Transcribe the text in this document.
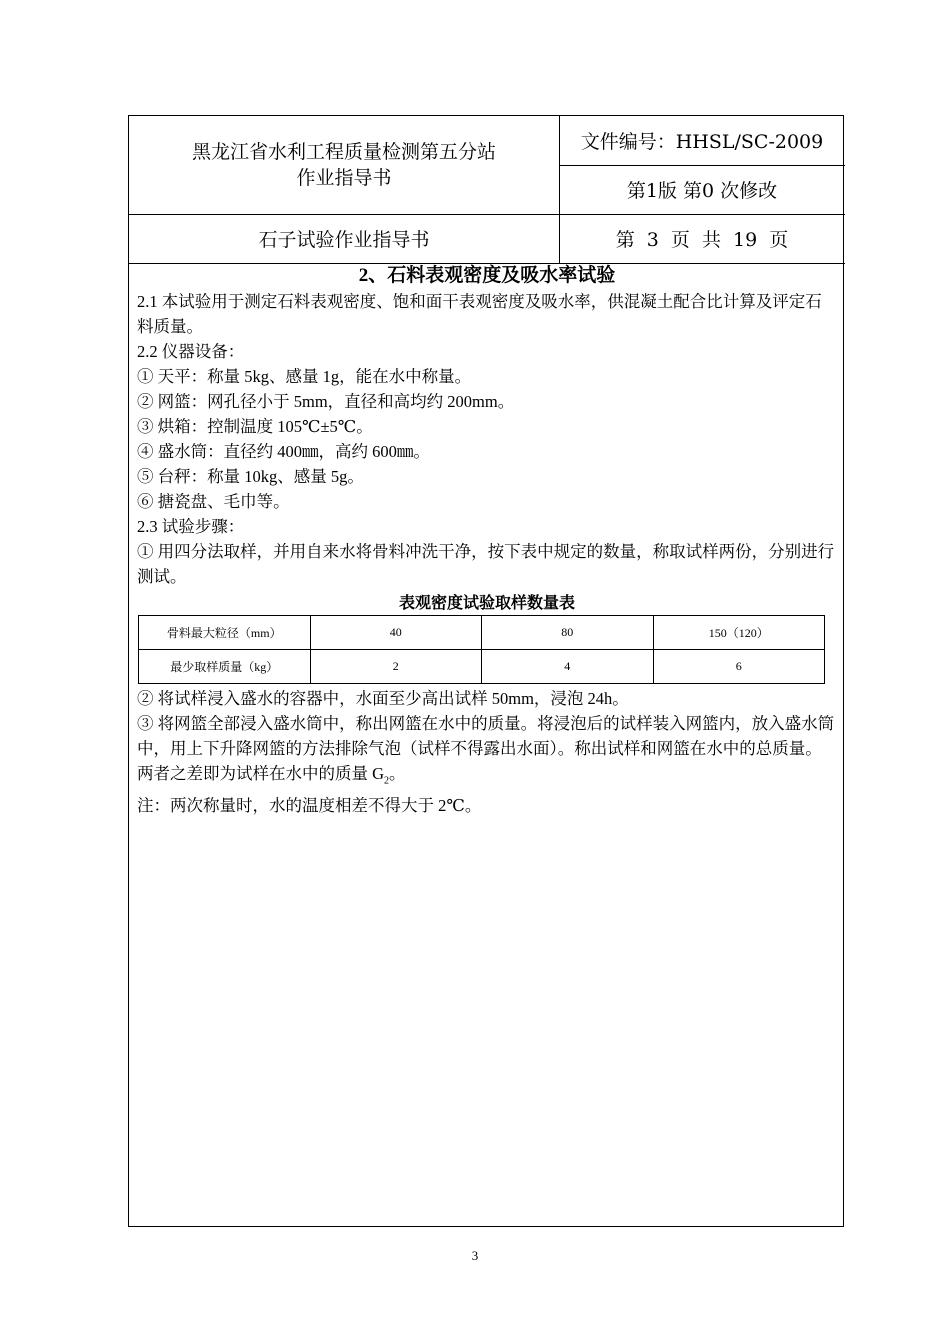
黑龙江省水利工程质量检测第五分站
作业指导书
文件编号：HHSL/SC-2009
第1版 第0 次修改
石子试验作业指导书	第 3 页 共 19 页

2、石料表观密度及吸水率试验

2.1 本试验用于测定石料表观密度、饱和面干表观密度及吸水率，供混凝土配合比计算及评定石料质量。

2.2 仪器设备：

① 天平：称量 5kg、感量 1g，能在水中称量。

② 网篮：网孔径小于 5mm，直径和高均约 200mm。

③ 烘箱：控制温度 105℃±5℃。

④ 盛水筒：直径约 400㎜，高约 600㎜。

⑤ 台秤：称量 10kg、感量 5g。

⑥ 搪瓷盘、毛巾等。

2.3 试验步骤：

① 用四分法取样，并用自来水将骨料冲洗干净，按下表中规定的数量，称取试样两份，分别进行测试。

表观密度试验取样数量表
骨料最大粒径（mm）	40	80	150（120）
最少取样质量（kg）	2	4	6

② 将试样浸入盛水的容器中，水面至少高出试样 50mm，浸泡 24h。

③ 将网篮全部浸入盛水筒中，称出网篮在水中的质量。将浸泡后的试样装入网篮内，放入盛水筒中，用上下升降网篮的方法排除气泡（试样不得露出水面）。称出试样和网篮在水中的总质量。两者之差即为试样在水中的质量 $G_2$。

注：两次称量时，水的温度相差不得大于 2℃。

3
